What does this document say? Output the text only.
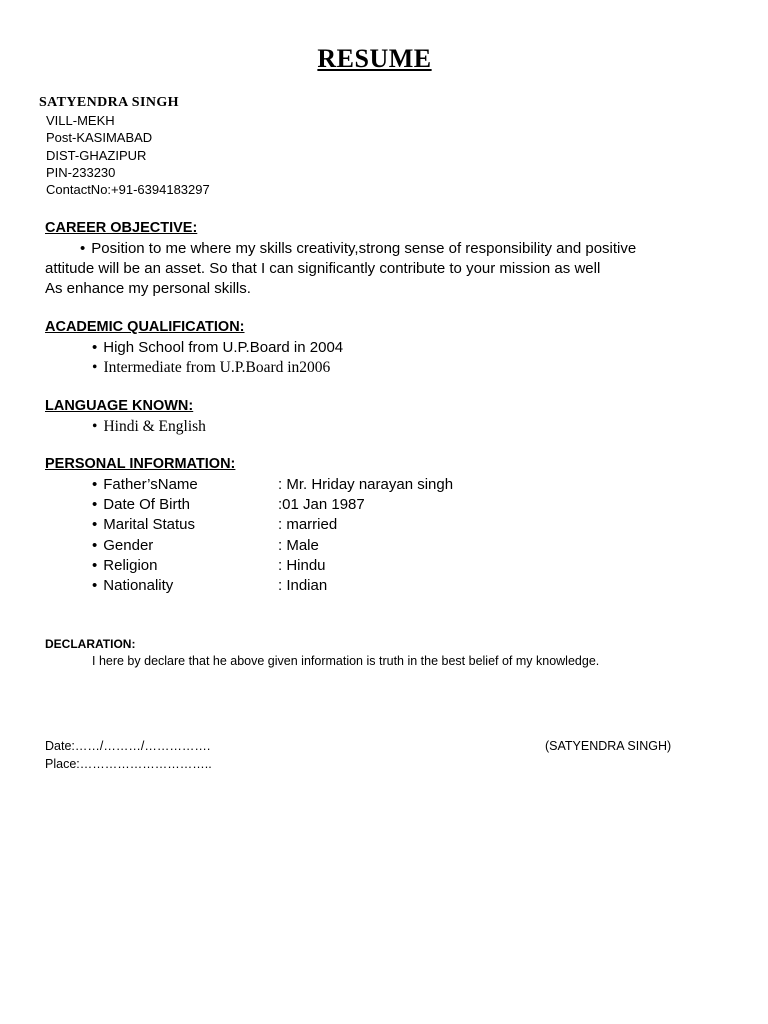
RESUME
SATYENDRA SINGH
VILL-MEKH
Post-KASIMABAD
DIST-GHAZIPUR
PIN-233230
ContactNo:+91-6394183297
CAREER OBJECTIVE:
• Position to me where my skills creativity,strong sense of responsibility and positive
attitude will be an asset. So that I can significantly contribute to your mission as well
As enhance my personal skills.
ACADEMIC QUALIFICATION:
• High School from U.P.Board in 2004
• Intermediate from U.P.Board in2006
LANGUAGE KNOWN:
• Hindi & English
PERSONAL INFORMATION:
• Father’sName	: Mr. Hriday narayan singh
• Date Of Birth	:01 Jan 1987
• Marital Status	: married
• Gender	: Male
• Religion	: Hindu
• Nationality	: Indian
DECLARATION:
I here by declare that he above given information is truth in the best belief of my knowledge.
Date:……/………/…………….
Place:…………………………..
(SATYENDRA SINGH)
